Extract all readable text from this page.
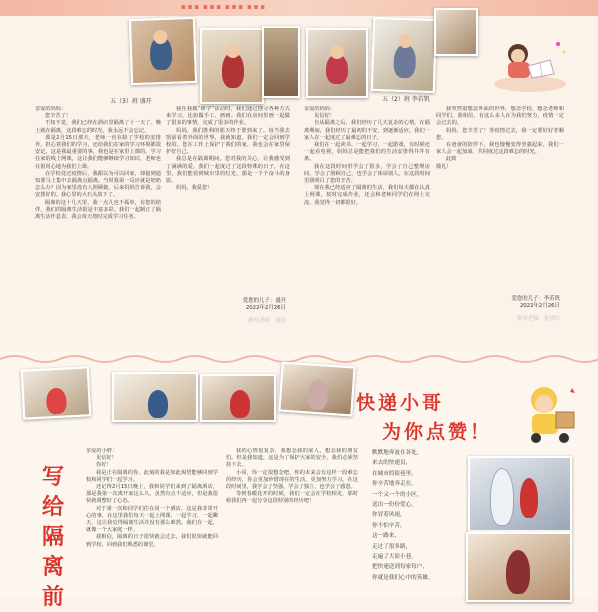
…………
五（3）班 盛开	五（2）班 李若钒
亲爱的妈妈：

您辛苦了！

不知不觉，我们已经在酒店里隔离了十一天了。晚上就在隔离，这段难忘的时光，我永远不会忘记。

那是2月15日那天，老师一直在除了学校的安排外，担心着我们的学习，还给我们在家的学习环境都很安定。这是我最重要的事，我也是在家里上课的。学习在家的线上网课，这让我们能够继续学习知识，老师也在很用心地为我们上课。

在学校处过疫情后，我跟以为可以回家，却接到通知要马上集中去隔离点隔离。当时我第一反应就是奶奶怎么办？因为家里没有人照顾她。后来妈妈告诉我，会安排好的。我心里的大石头放下了。

隔离的这十几天里，我一点儿也不孤单，有您的陪伴，我们的隔离生活很是丰富多彩。我们一起制订了隔离生活作息表，我会每天按时完成学习任务。

我在我做“研学”活动时，我们通过搜寻各种方式来学习，比如做手工、画画。我们在房间里画一起做了很多的事情，完成了很多的作业。

妈妈，我们胜利的那天终于要到来了。每当我去窗前看着外面的世界，我就知道，我们一定会回到学校的。您在工作上保护了我们的家，我也会在家里保护好自己。

我总是在隔离期间，您对我的关心，让我感受到了满满的爱。我们一起度过了这段特殊的日子，在这里，我们能看到城市里的灯光，那是一个个奋斗的身影。

妈妈，我爱您！

爱您的儿子：盛开
2022年2月26日
指导老师：张垃
亲爱的妈妈：

见信好！

自从隔离之后，我们经历了几天复杂的心情。在隔离期间，我们经历了最初的不安，到逐渐适应，我们一家人在一起度过了最难忘的日子。

我们在一起读书、一起学习、一起游戏，有时候还一起看电视，妈妈总是能把我们的生活安排得井井有条。

我在这段时间里学会了很多，学会了自己整理房间，学会了照顾自己，也学会了体谅别人。在这段时间里我明白了您的辛苦。

现在我已经适应了隔离的生活，我们每天都在认真上网课，按时完成作业，还会和老师同学们在网上交流，我觉得一切都很好。

我突然很想念外面的世界，想念学校，想念老师和同学们。我相信，有这么多人在为我们努力，疫情一定会过去的。

妈妈，您辛苦了！等疫情过去，我一定要好好孝顺您。

在爸爸的陪伴下，我也慢慢变得坚强起来，我们一家人会一起加油，共同度过这段难忘的时光。

此致
敬礼！
爱您的儿子：李若钒
2022年2月26日
指导老师：张祥红
快递小哥
为你点赞！
写
给
隔
离
前
亲爱的小胖：

见信好！

你好！

我是正在隔离的你，此刻的我是如此渴望能够回到学校和同学们一起学习。

还记得2月15日晚上，我和同学们来到了隔离酒店，那是我第一次离开家这么久，虽然有点不适应，但是我很快就调整好了心态。

对于第一次和同学们住在同一个酒店，这是我非常开心的事，在这里我们每天一起上网课，一起学习，一起聊天，这让我觉得隔离生活并没有那么难熬。我们在一起，就像一个大家庭一样。

我相信，隔离的日子很快就会过去，我们很快就能回到学校，回到我们熟悉的课堂。

我的心情很复杂，我想念我的家人，想念我的朋友们。但是我知道，这是为了保护大家的安全，我们必须坚持下去。

小哥，你一定很想念吧，你的未来会有这样一段难忘的经历，你会更加珍惜现在的生活，更加努力学习。在这段时间里，我学会了坚强，学会了独立，也学会了感恩。

等到春暖花开的时候，我们一定会在学校相见，那时候我们再一起分享这段特别的经历吧！

默默地奔波在各处，
来去的快递员，
在城市的街巷里，
你辛苦地奔走在，
一个又一个的小区，
送出一份份爱心，
你冒着风雨，
你不怕辛苦，
这一路来，
走过了很多路，
走遍了大街小巷，
把快递送到每家每户，
你就是我们心中的英雄。
